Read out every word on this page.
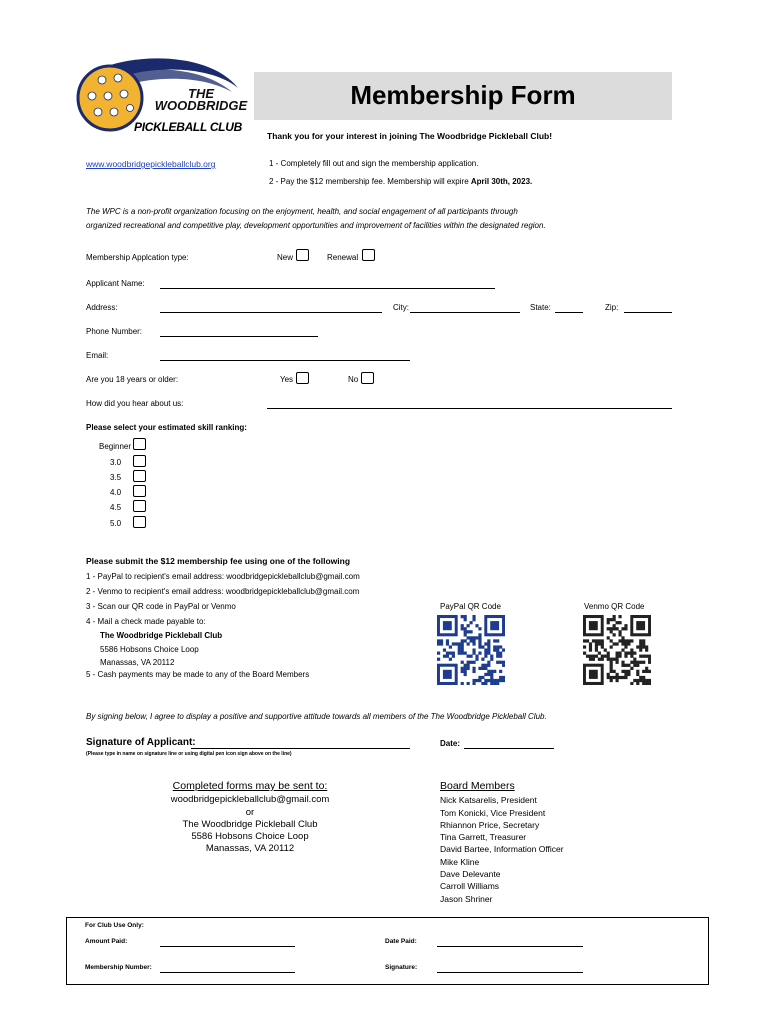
THE
WOODBRIDGE
PICKLEBALL CLUB
Membership Form
Thank you for your interest in joining The Woodbridge Pickleball Club!
www.woodbridgepickleballclub.org	1 - Completely fill out and sign the membership application.
2 - Pay the $12 membership fee. Membership will expire April 30th, 2023.
The WPC is a non-profit organization focusing on the enjoyment, health, and social engagement of all participants through
organized recreational and competitive play, development opportunities and improvement of facilities within the designated region.
Membership Applcation type:	New	Renewal
Applicant Name:
Address:	City:	State:	Zip:
Phone Number:
Email:
Are you 18 years or older:	Yes	No
How did you hear about us:
Please select your estimated skill ranking:
Beginner
3.0
3.5
4.0
4.5
5.0
Please submit the $12 membership fee using one of the following
1 - PayPal to recipient's email address: woodbridgepickleballclub@gmail.com
2 - Venmo to recipient's email address: woodbridgepickleballclub@gmail.com
3 - Scan our QR code in PayPal or Venmo
4 - Mail a check made payable to:
The Woodbridge Pickleball Club
5586 Hobsons Choice Loop
Manassas, VA 20112
5 - Cash payments may be made to any of the Board Members
PayPal QR Code	Venmo QR Code
By signing below, I agree to display a positive and supportive attitude towards all members of the The Woodbridge Pickleball Club.
Signature of Applicant:
(Please type in name on signature line or using digital pen icon sign above on the line)
Date:
Completed forms may be sent to:
woodbridgepickleballclub@gmail.com
or
The Woodbridge Pickleball Club
5586 Hobsons Choice Loop
Manassas, VA 20112
Board Members
Nick Katsarelis, President
Tom Konicki, Vice President
Rhiannon Price, Secretary
Tina Garrett, Treasurer
David Bartee, Information Officer
Mike Kline
Dave Delevante
Carroll Williams
Jason Shriner
For Club Use Only:
Amount Paid:	Date Paid:
Membership Number:	Signature:
